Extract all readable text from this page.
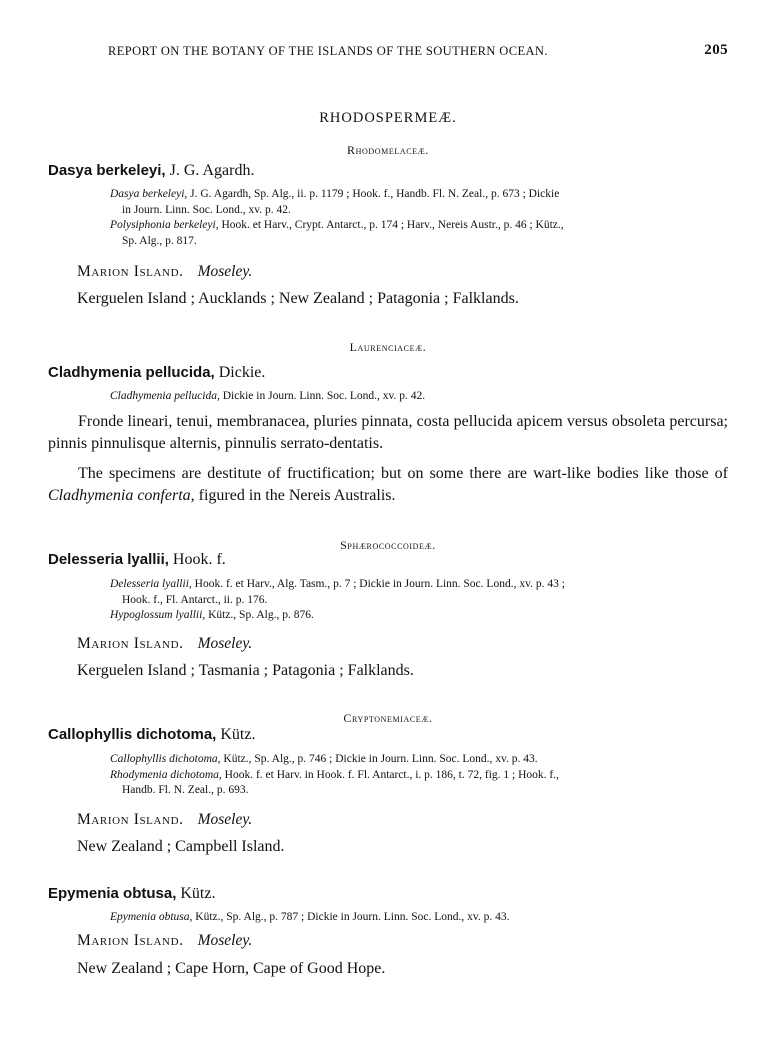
REPORT ON THE BOTANY OF THE ISLANDS OF THE SOUTHERN OCEAN.	205
RHODOSPERMEÆ.
Rhodomelaceæ.
Dasya berkeleyi, J. G. Agardh.
Dasya berkeleyi, J. G. Agardh, Sp. Alg., ii. p. 1179 ; Hook. f., Handb. Fl. N. Zeal., p. 673 ; Dickie
in Journ. Linn. Soc. Lond., xv. p. 42.
Polysiphonia berkeleyi, Hook. et Harv., Crypt. Antarct., p. 174 ; Harv., Nereis Austr., p. 46 ; Kütz.,
Sp. Alg., p. 817.
Marion Island. Moseley.
Kerguelen Island ; Aucklands ; New Zealand ; Patagonia ; Falklands.
Laurenciaceæ.
Cladhymenia pellucida, Dickie.
Cladhymenia pellucida, Dickie in Journ. Linn. Soc. Lond., xv. p. 42.
Fronde lineari, tenui, membranacea, pluries pinnata, costa pellucida apicem versus obsoleta percursa; pinnis pinnulisque alternis, pinnulis serrato-dentatis.
The specimens are destitute of fructification; but on some there are wart-like bodies like those of Cladhymenia conferta, figured in the Nereis Australis.
Sphærococcoideæ.
Delesseria lyallii, Hook. f.
Delesseria lyallii, Hook. f. et Harv., Alg. Tasm., p. 7 ; Dickie in Journ. Linn. Soc. Lond., xv. p. 43 ;
Hook. f., Fl. Antarct., ii. p. 176.
Hypoglossum lyallii, Kütz., Sp. Alg., p. 876.
Marion Island. Moseley.
Kerguelen Island ; Tasmania ; Patagonia ; Falklands.
Cryptonemiaceæ.
Callophyllis dichotoma, Kütz.
Callophyllis dichotoma, Kütz., Sp. Alg., p. 746 ; Dickie in Journ. Linn. Soc. Lond., xv. p. 43.
Rhodymenia dichotoma, Hook. f. et Harv. in Hook. f. Fl. Antarct., i. p. 186, t. 72, fig. 1 ; Hook. f.,
Handb. Fl. N. Zeal., p. 693.
Marion Island. Moseley.
New Zealand ; Campbell Island.
Epymenia obtusa, Kütz.
Epymenia obtusa, Kütz., Sp. Alg., p. 787 ; Dickie in Journ. Linn. Soc. Lond., xv. p. 43.
Marion Island. Moseley.
New Zealand ; Cape Horn, Cape of Good Hope.
